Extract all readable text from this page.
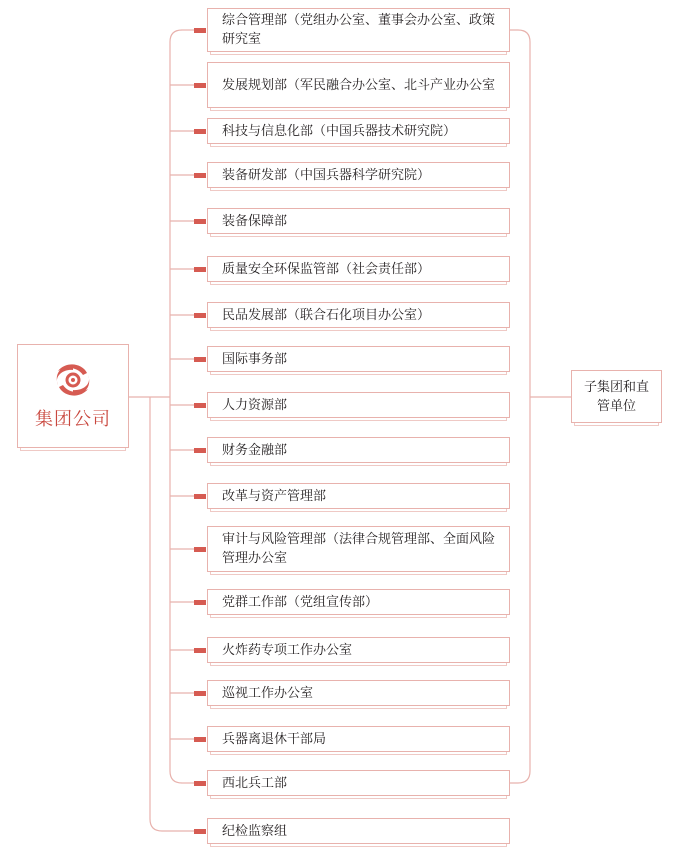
集团公司
子集团和直管单位
综合管理部（党组办公室、董事会办公室、政策研究室
发展规划部（军民融合办公室、北斗产业办公室
科技与信息化部（中国兵器技术研究院）
装备研发部（中国兵器科学研究院）
装备保障部
质量安全环保监管部（社会责任部）
民品发展部（联合石化项目办公室）
国际事务部
人力资源部
财务金融部
改革与资产管理部
审计与风险管理部（法律合规管理部、全面风险管理办公室
党群工作部（党组宣传部）
火炸药专项工作办公室
巡视工作办公室
兵器离退休干部局
西北兵工部
纪检监察组
